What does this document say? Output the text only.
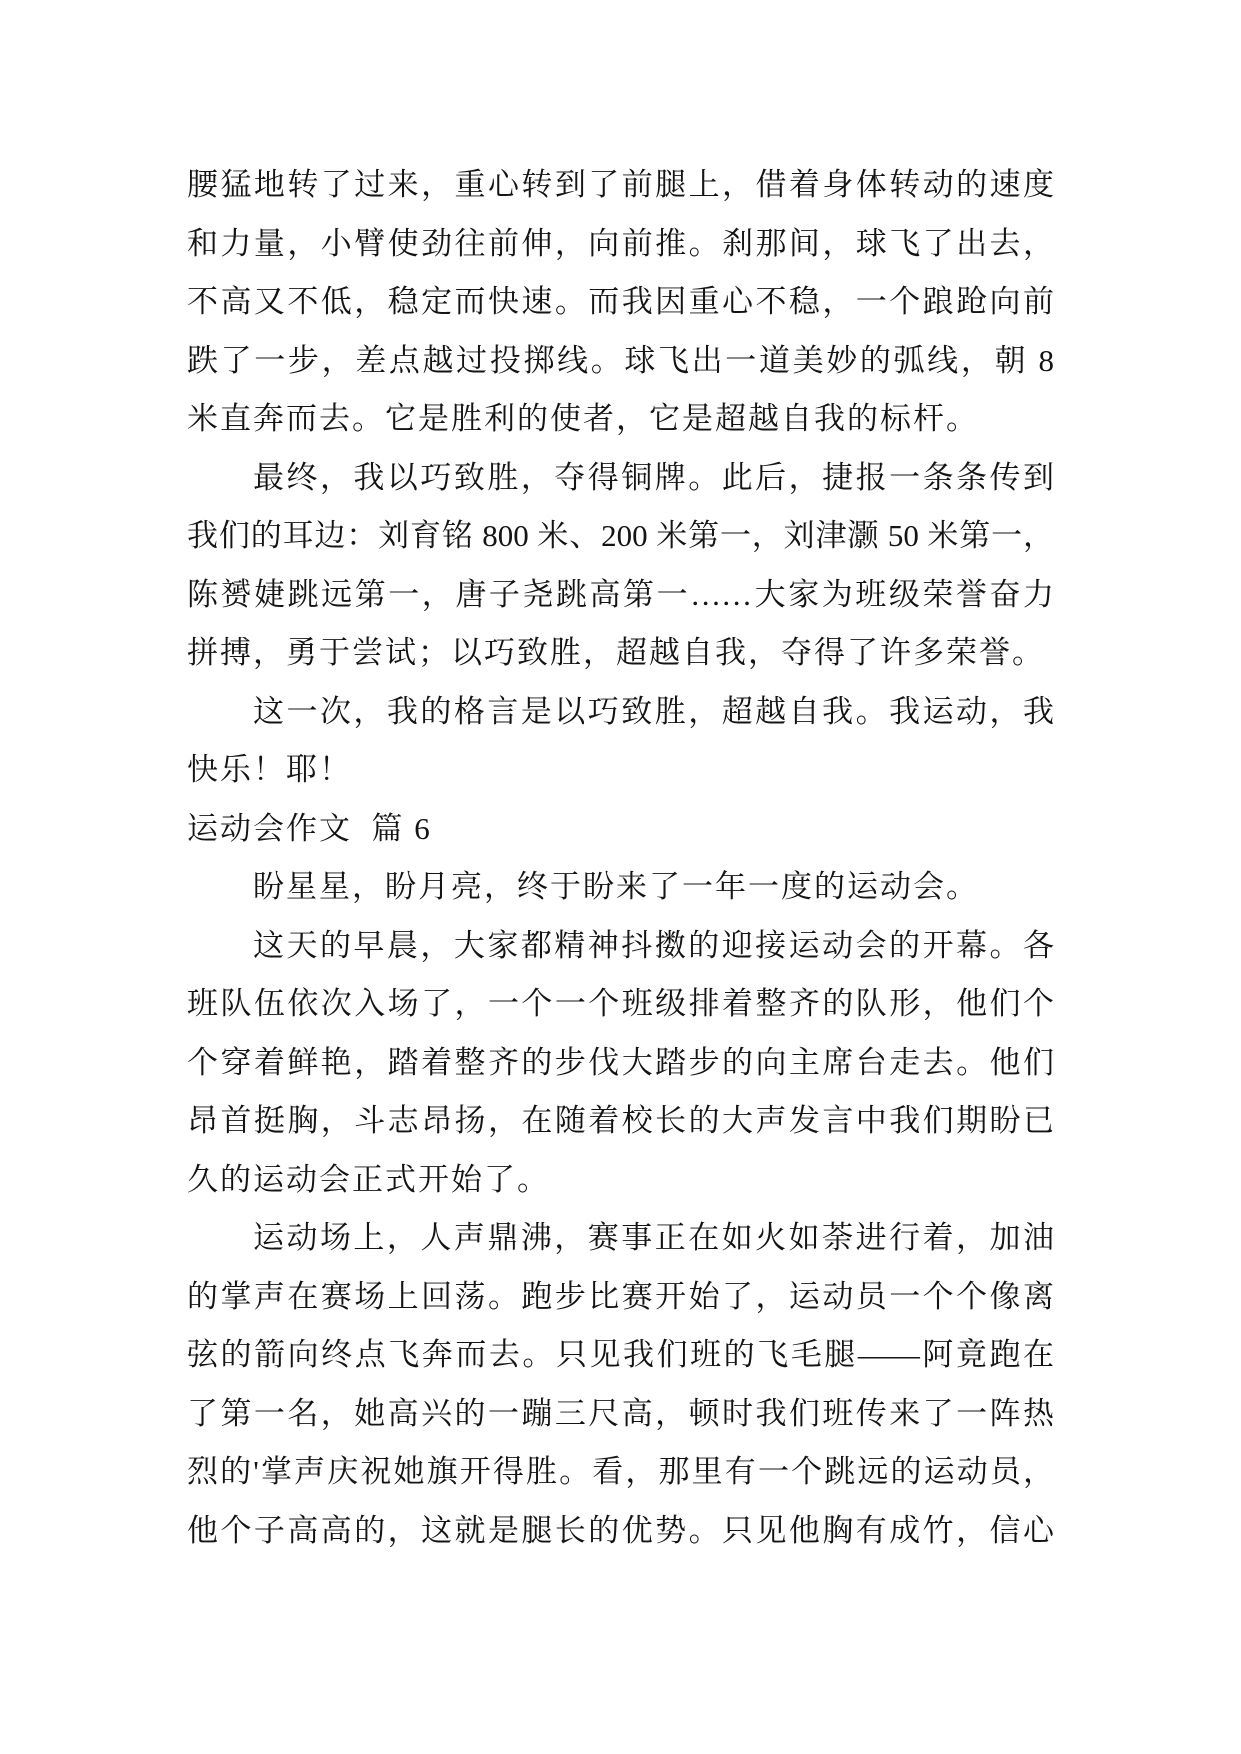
腰猛地转了过来，重心转到了前腿上，借着身体转动的速度
和力量，小臂使劲往前伸，向前推。刹那间，球飞了出去，
不高又不低，稳定而快速。而我因重心不稳，一个踉跄向前
跌了一步，差点越过投掷线。球飞出一道美妙的弧线，朝 8
米直奔而去。它是胜利的使者，它是超越自我的标杆。
最终，我以巧致胜，夺得铜牌。此后，捷报一条条传到
我们的耳边：刘育铭 800 米、200 米第一，刘津灏 50 米第一，
陈赟婕跳远第一，唐子尧跳高第一……大家为班级荣誉奋力
拼搏，勇于尝试；以巧致胜，超越自我，夺得了许多荣誉。
这一次，我的格言是以巧致胜，超越自我。我运动，我
快乐！耶！
运动会作文  篇 6
盼星星，盼月亮，终于盼来了一年一度的运动会。
这天的早晨，大家都精神抖擞的迎接运动会的开幕。各
班队伍依次入场了，一个一个班级排着整齐的队形，他们个
个穿着鲜艳，踏着整齐的步伐大踏步的向主席台走去。他们
昂首挺胸，斗志昂扬，在随着校长的大声发言中我们期盼已
久的运动会正式开始了。
运动场上，人声鼎沸，赛事正在如火如荼进行着，加油
的掌声在赛场上回荡。跑步比赛开始了，运动员一个个像离
弦的箭向终点飞奔而去。只见我们班的飞毛腿——阿竟跑在
了第一名，她高兴的一蹦三尺高，顿时我们班传来了一阵热
烈的'掌声庆祝她旗开得胜。看，那里有一个跳远的运动员，
他个子高高的，这就是腿长的优势。只见他胸有成竹，信心
